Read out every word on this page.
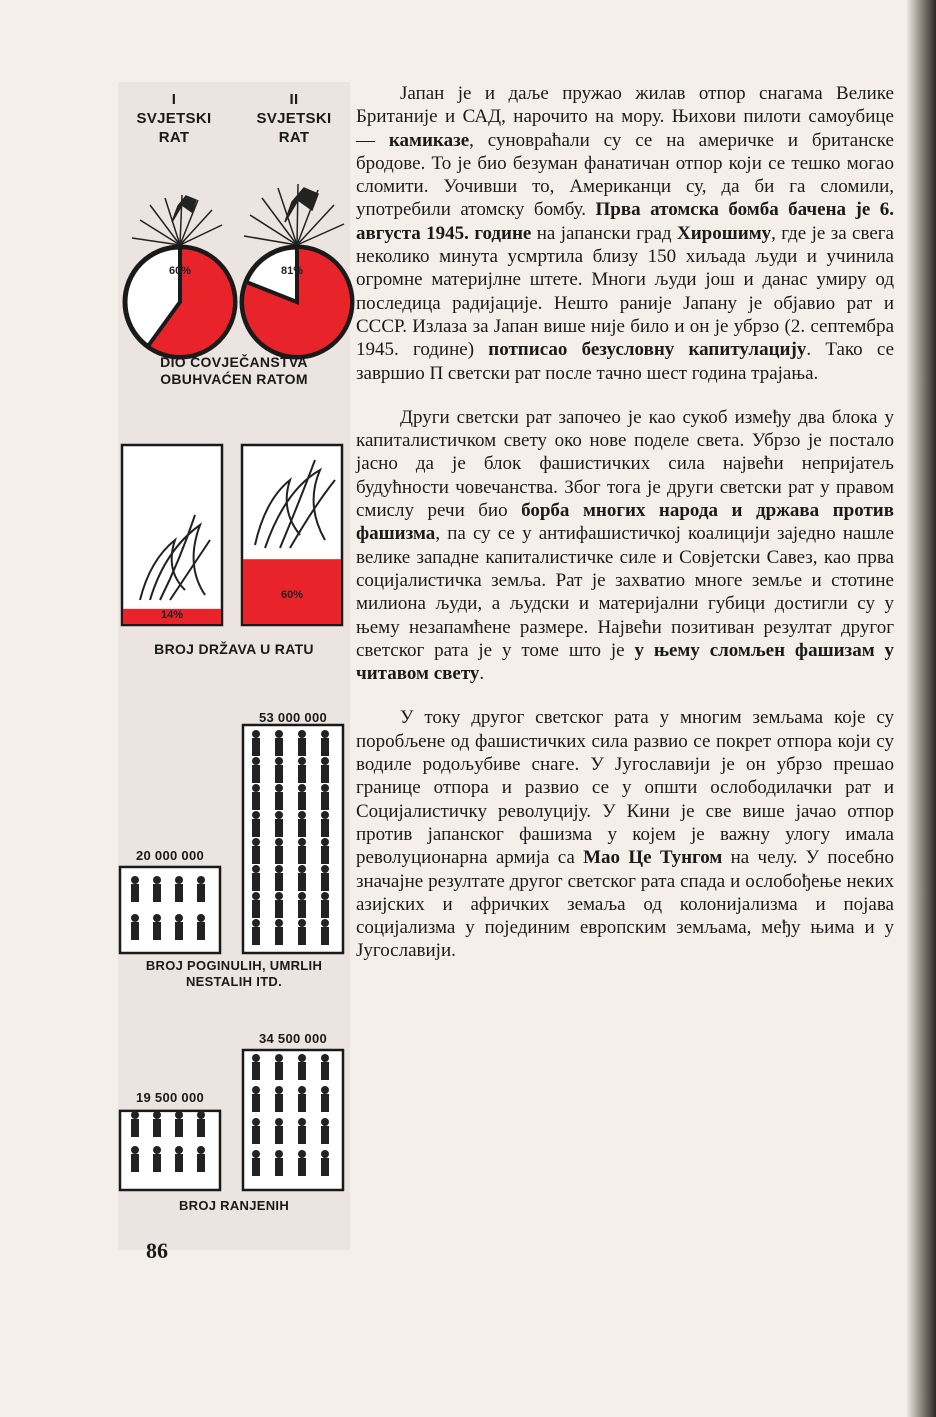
I
SVJETSKI
RAT
II
SVJETSKI
RAT
60%	81%
14%
60%
DIO ČOVJEČANSTVA
OBUHVAĆEN RATOM
BROJ DRŽAVA U RATU
53 000 000
20 000 000
BROJ POGINULIH, UMRLIH
NESTALIH ITD.
34 500 000
19 500 000
BROJ RANJENIH

Јапан је и даље пружао жилав отпор снагама Велике Британије и САД, нарочито на мору. Њихови пилоти самоубице — камиказе, суновраћали су се на америчке и британске бродове. То је био безуман фанатичан отпор који се тешко могао сломити. Уочивши то, Американци су, да би га сломили, употребили атомску бомбу. Прва атомска бомба бачена је 6. августа 1945. године на јапански град Хирошиму, где је за свега неколико минута усмртила близу 150 хиљада људи и учинила огромне материјлне штете. Многи људи још и данас умиру од последица радијације. Нешто раније Јапану је објавио рат и СССР. Излаза за Јапан више није било и он је убрзо (2. септембра 1945. године) потписао безусловну капитулацију. Тако се завршио П светски рат после тачно шест година трајања.

Други светски рат започео је као сукоб између два блока у капиталистичком свету око нове поделе света. Убрзо је постало јасно да је блок фашистичких сила највећи непријатељ будућности човечанства. Због тога је други светски рат у правом смислу речи био борба многих народа и држава против фашизма, па су се у антифашистичкој коалицији заједно нашле велике западне капиталистичке силе и Совјетски Савез, као прва социјалистичка земља. Рат је захватио многе земље и стотине милиона људи, а људски и материјални губици достигли су у њему незапамћене размере. Највећи позитиван резултат другог светског рата је у томе што је у њему сломљен фашизам у читавом свету.

У току другог светског рата у многим земљама које су поробљене од фашистичких сила развио се покрет отпора који су водиле родољубиве снаге. У Југославији је он убрзо прешао границе отпора и развио се у општи ослободилачки рат и Социјалистичку револуцију. У Кини је све више јачао отпор против јапанског фашизма у коjем је важну улогу имала револуционарна армија са Мао Це Тунгом на челу. У посебно значајне резултате другог светског рата спада и ослобођење неких азијских и афричких земаља од колонијализма и појава социјализма у појединим европским земљама, међу њима и у Југославији.

86
